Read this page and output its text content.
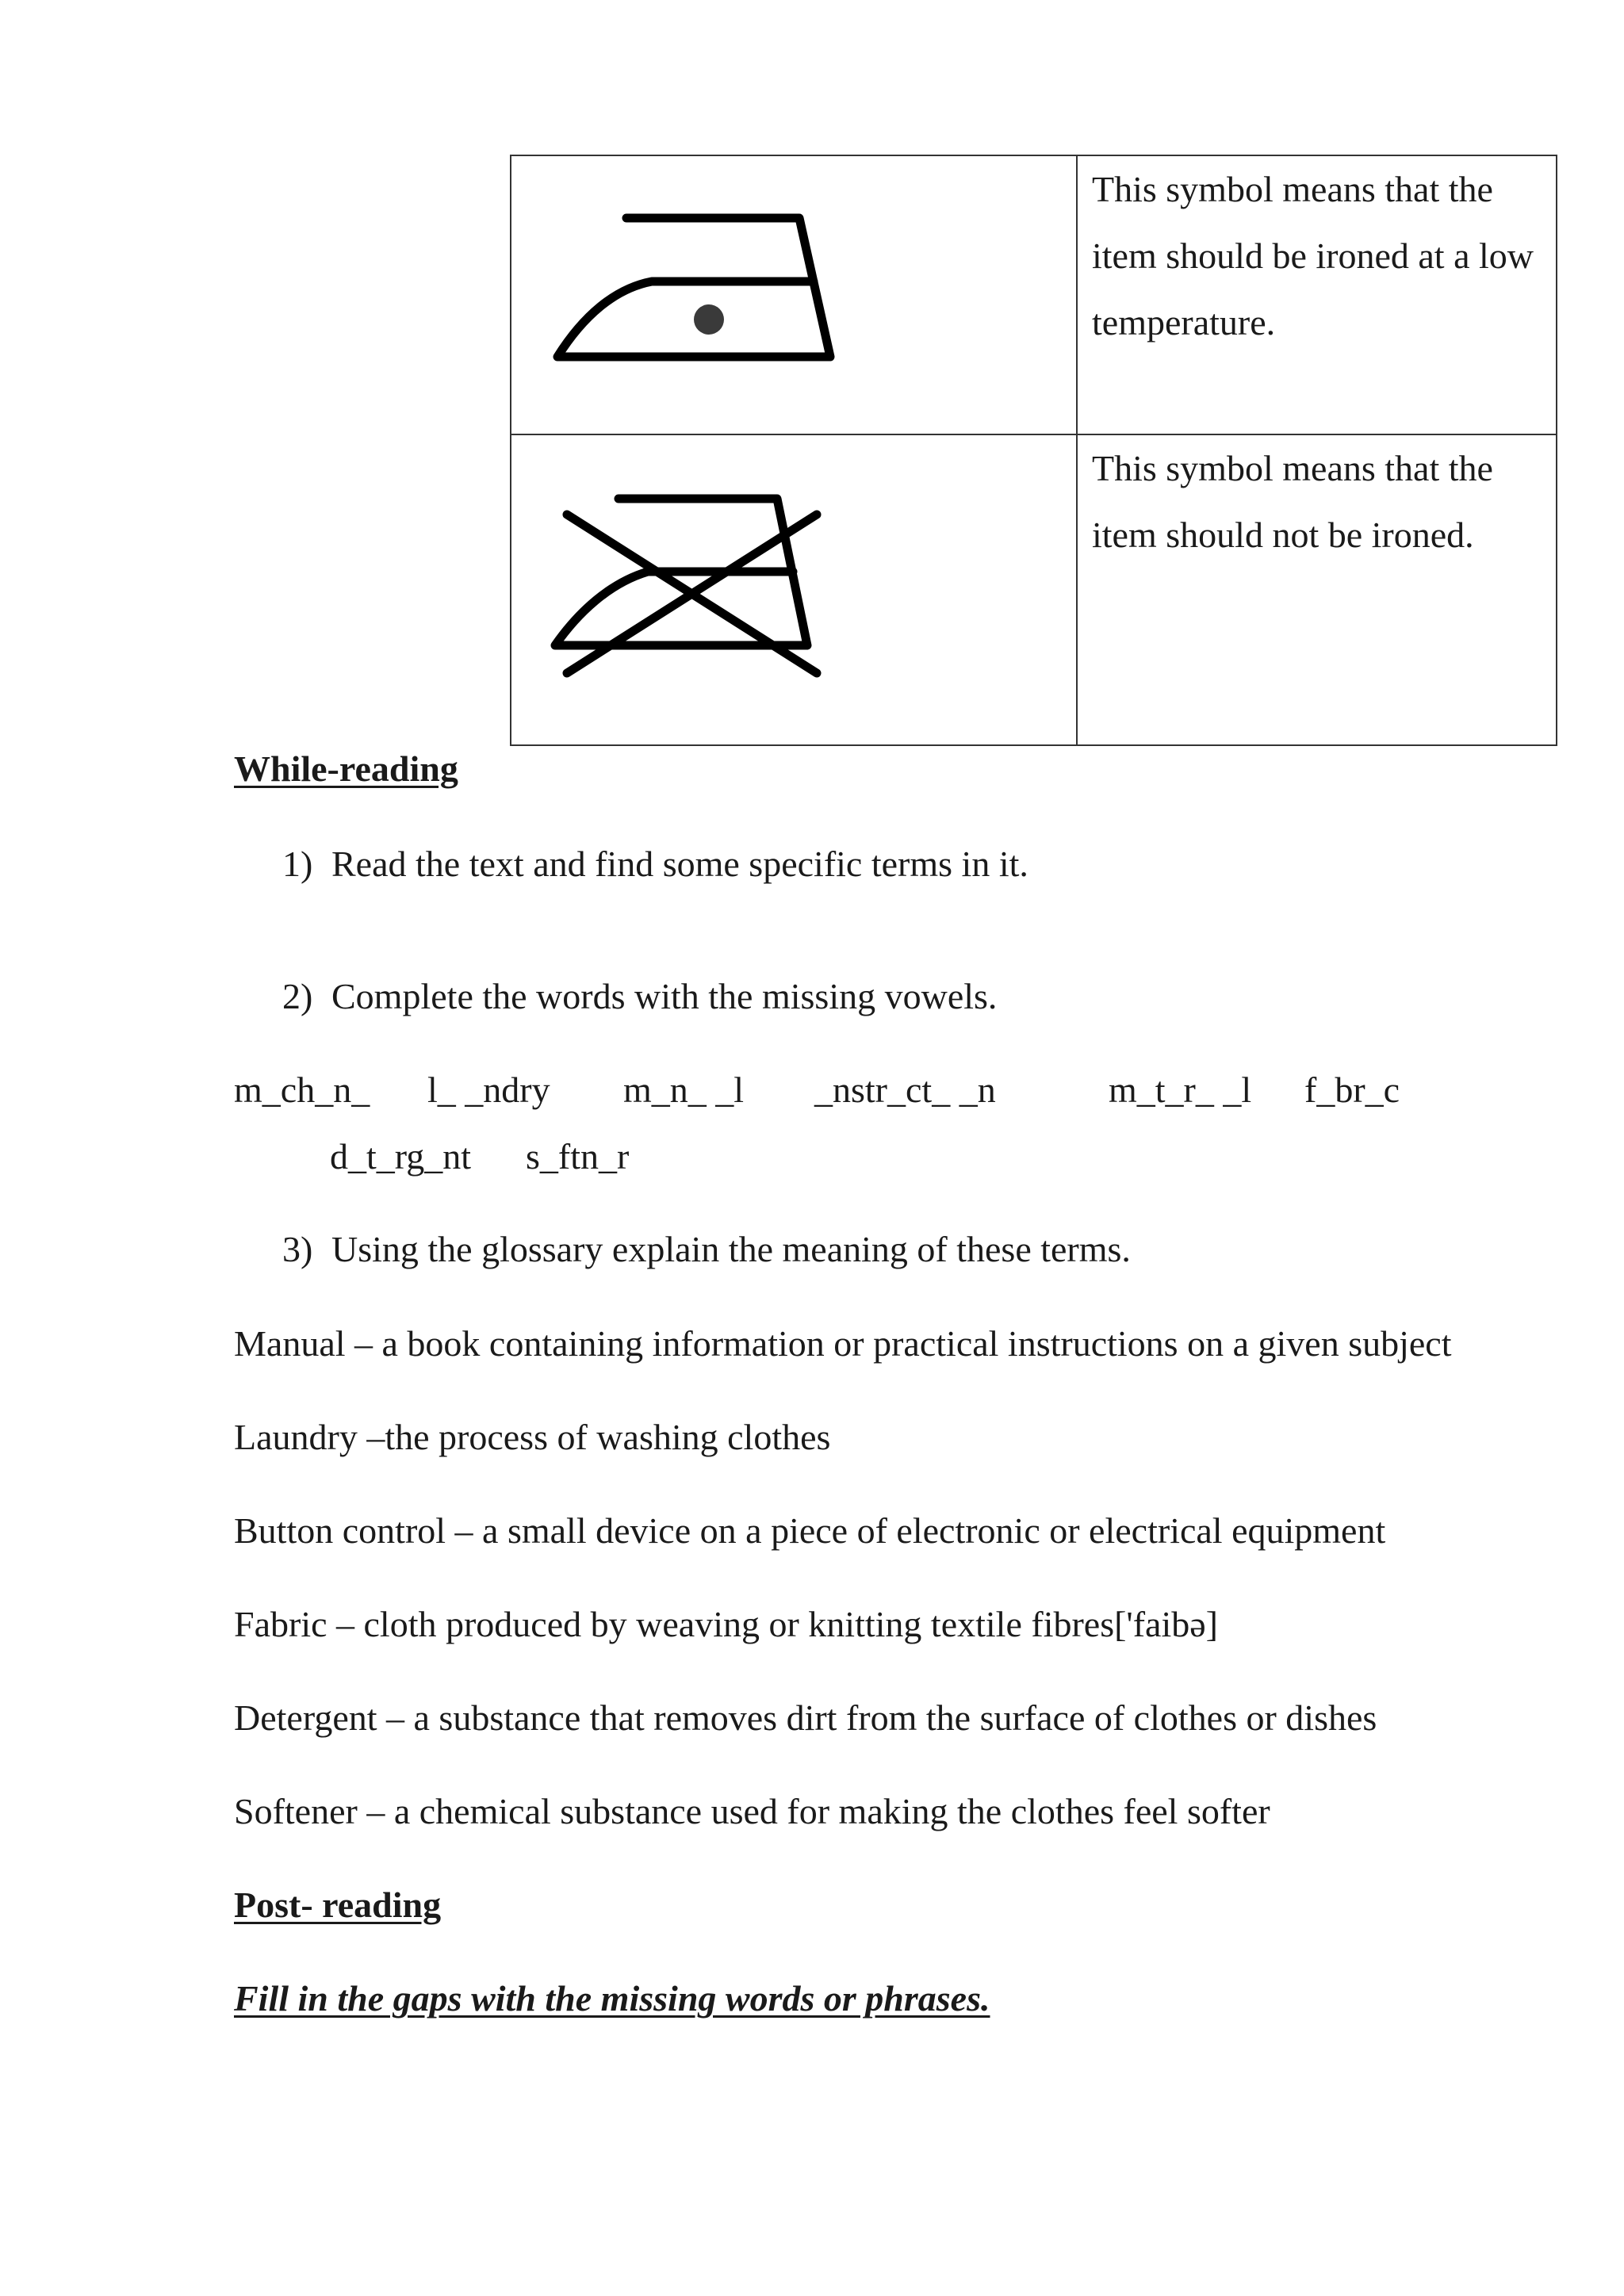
	This symbol means that the item should be ironed at a low temperature.

	This symbol means that the item should not be ironed.
While-reading
1) Read the text and find some specific terms in it.
2) Complete the words with the missing vowels.
m_ch_n_ l_ _ndry m_n_ _l _nstr_ct_ _n	m_t_r_ _l f_br_c
d_t_rg_nt s_ftn_r
3) Using the glossary explain the meaning of these terms.
Manual – a book containing information or practical instructions on a given subject
Laundry –the process of washing clothes
Button control – a small device on a piece of electronic or electrical equipment
Fabric – cloth produced by weaving or knitting textile fibres['faibə]
Detergent – a substance that removes dirt from the surface of clothes or dishes
Softener – a chemical substance used for making the clothes feel softer
Post- reading
Fill in the gaps with the missing words or phrases.
